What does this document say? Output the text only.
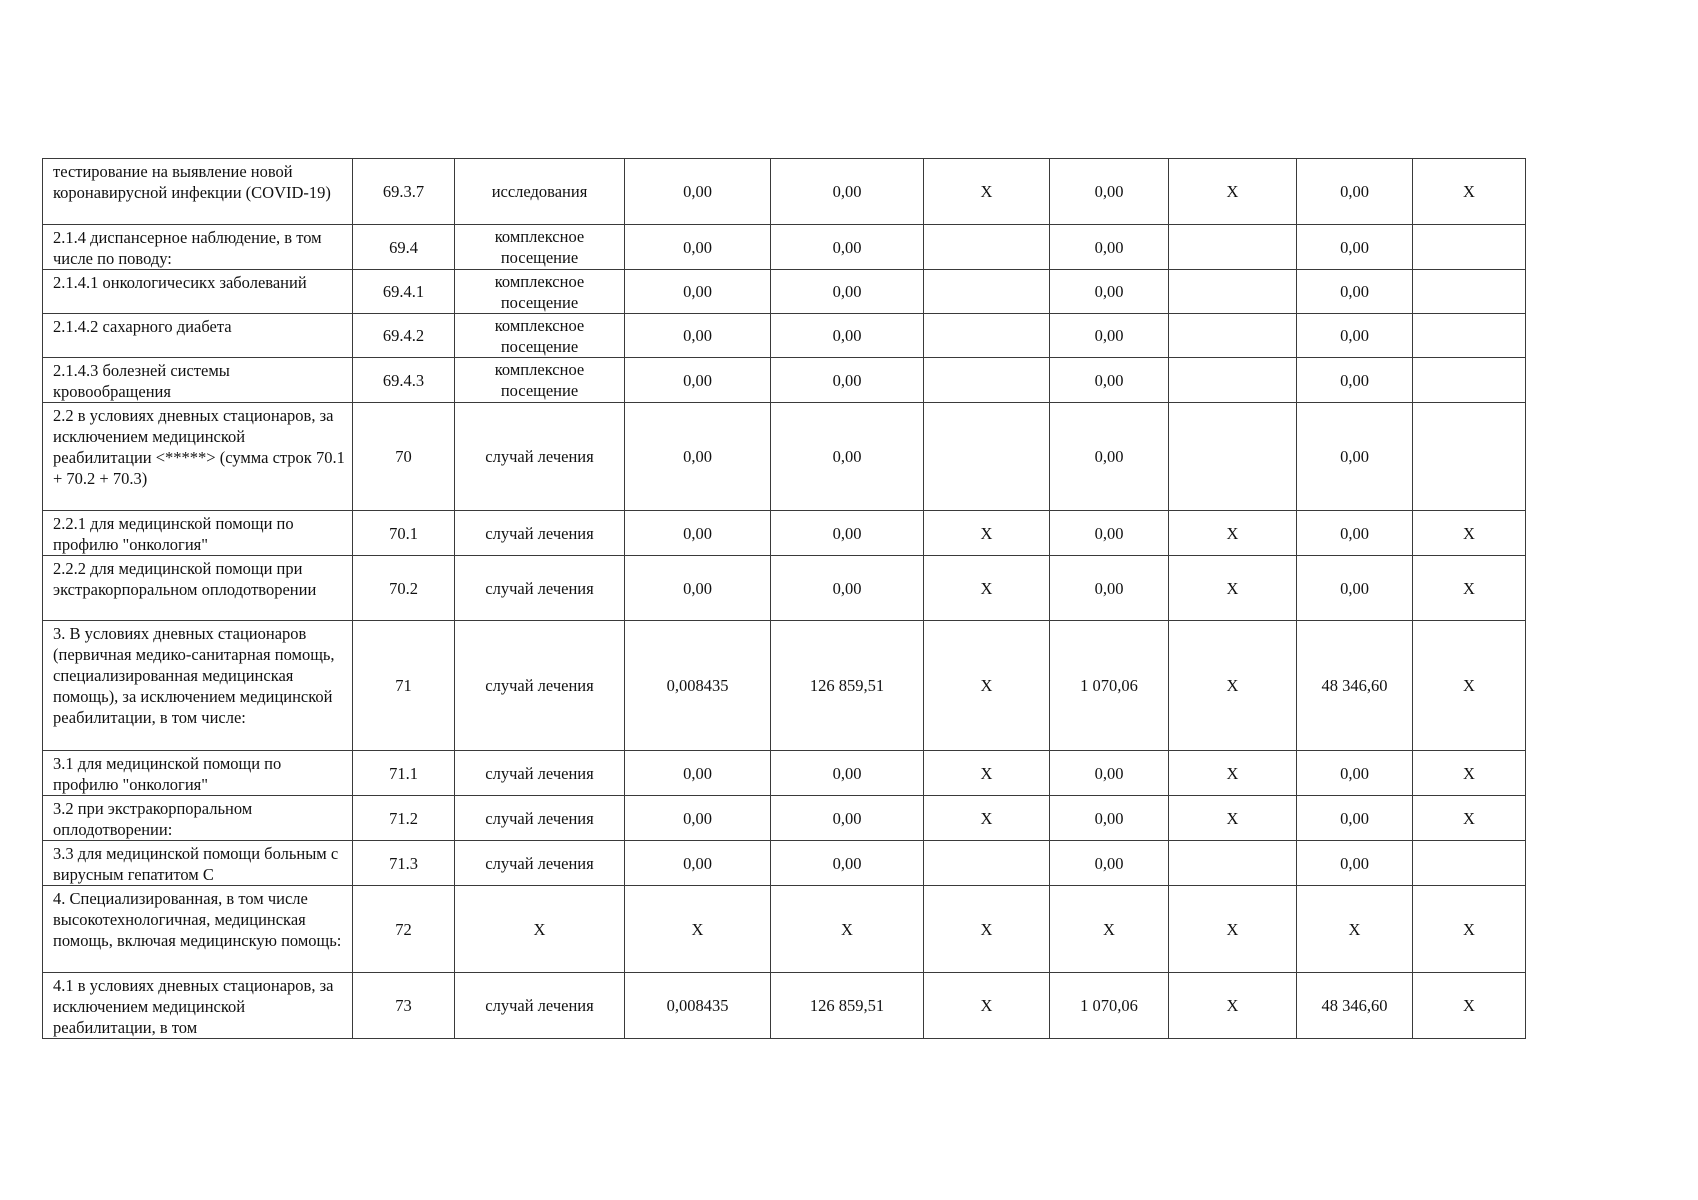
тестирование на выявление новой коронавирусной инфекции (COVID-19)	69.3.7	исследования	0,00	0,00	X	0,00	X	0,00	X
2.1.4 диспансерное наблюдение, в том числе по поводу:	69.4	комплексное посещение	0,00	0,00		0,00		0,00	
2.1.4.1 онкологичесикх заболеваний	69.4.1	комплексное посещение	0,00	0,00		0,00		0,00	
2.1.4.2 сахарного диабета	69.4.2	комплексное посещение	0,00	0,00		0,00		0,00	
2.1.4.3 болезней системы кровообращения	69.4.3	комплексное посещение	0,00	0,00		0,00		0,00	
2.2 в условиях дневных стационаров, за исключением медицинской реабилитации <*****> (сумма строк 70.1 + 70.2 + 70.3)	70	случай лечения	0,00	0,00		0,00		0,00	
2.2.1 для медицинской помощи по профилю "онкология"	70.1	случай лечения	0,00	0,00	X	0,00	X	0,00	X
2.2.2 для медицинской помощи при экстракорпоральном оплодотворении	70.2	случай лечения	0,00	0,00	X	0,00	X	0,00	X
3. В условиях дневных стационаров (первичная медико-санитарная помощь, специализированная медицинская помощь), за исключением медицинской реабилитации, в том числе:	71	случай лечения	0,008435	126 859,51	X	1 070,06	X	48 346,60	X
3.1 для медицинской помощи по профилю "онкология"	71.1	случай лечения	0,00	0,00	X	0,00	X	0,00	X
3.2 при экстракорпоральном оплодотворении:	71.2	случай лечения	0,00	0,00	X	0,00	X	0,00	X
3.3 для медицинской помощи больным с вирусным гепатитом C	71.3	случай лечения	0,00	0,00		0,00		0,00	
4. Специализированная, в том числе высокотехнологичная, медицинская помощь, включая медицинскую помощь:	72	X	X	X	X	X	X	X	X
4.1 в условиях дневных стационаров, за исключением медицинской реабилитации, в том	73	случай лечения	0,008435	126 859,51	X	1 070,06	X	48 346,60	X
